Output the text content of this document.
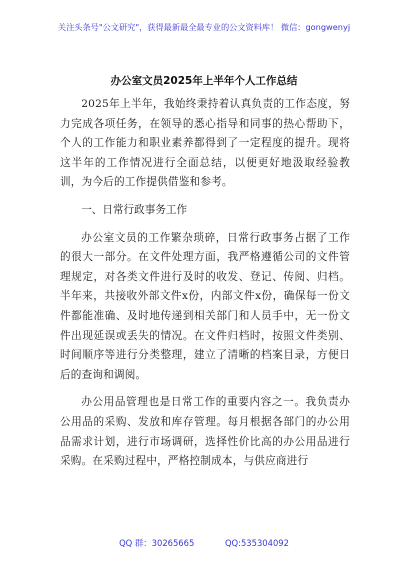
关注头条号"公文研究"，获得最新最全最专业的公文资料库！ 微信：gongwenyj
办公室文员2025年上半年个人工作总结

2025年上半年，我始终秉持着认真负责的工作态度，努力完成各项任务，在领导的悉心指导和同事的热心帮助下，个人的工作能力和职业素养都得到了一定程度的提升。现将这半年的工作情况进行全面总结，以便更好地汲取经验教训，为今后的工作提供借鉴和参考。

一、日常行政事务工作

办公室文员的工作繁杂琐碎，日常行政事务占据了工作的很大一部分。在文件处理方面，我严格遵循公司的文件管理规定，对各类文件进行及时的收发、登记、传阅、归档。半年来，共接收外部文件x份，内部文件x份，确保每一份文件都能准确、及时地传递到相关部门和人员手中，无一份文件出现延误或丢失的情况。在文件归档时，按照文件类别、时间顺序等进行分类整理，建立了清晰的档案目录，方便日后的查询和调阅。

办公用品管理也是日常工作的重要内容之一。我负责办公用品的采购、发放和库存管理。每月根据各部门的办公用品需求计划，进行市场调研，选择性价比高的办公用品进行采购。在采购过程中，严格控制成本，与供应商进行

QQ 群：30265665	QQ:535304092
